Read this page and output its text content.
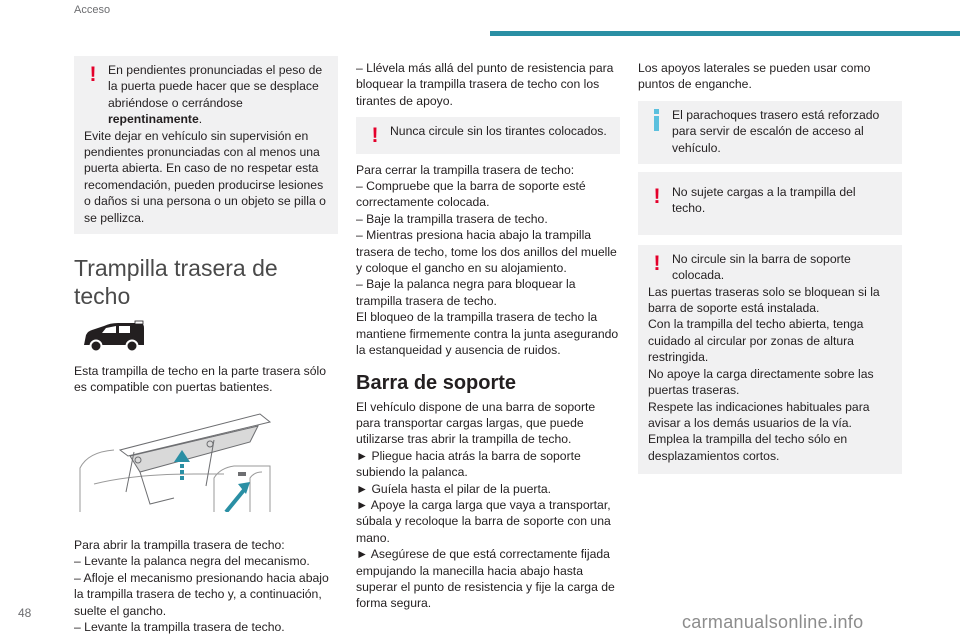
Acceso
! En pendientes pronunciadas el peso de la puerta puede hacer que se desplace abriéndose o cerrándose repentinamente.
Evite dejar en vehículo sin supervisión en pendientes pronunciadas con al menos una puerta abierta. En caso de no respetar esta recomendación, pueden producirse lesiones o daños si una persona o un objeto se pilla o se pellizca.
Trampilla trasera de techo

Esta trampilla de techo en la parte trasera sólo es compatible con puertas batientes.

Para abrir la trampilla trasera de techo:

– Levante la palanca negra del mecanismo.

– Afloje el mecanismo presionando hacia abajo la trampilla trasera de techo y, a continuación, suelte el gancho.

– Levante la trampilla trasera de techo.

– Llévela más allá del punto de resistencia para bloquear la trampilla trasera de techo con los tirantes de apoyo.

! Nunca circule sin los tirantes colocados.

Para cerrar la trampilla trasera de techo:

– Compruebe que la barra de soporte esté correctamente colocada.

– Baje la trampilla trasera de techo.

– Mientras presiona hacia abajo la trampilla trasera de techo, tome los dos anillos del muelle y coloque el gancho en su alojamiento.

– Baje la palanca negra para bloquear la trampilla trasera de techo.

El bloqueo de la trampilla trasera de techo la mantiene firmemente contra la junta asegurando la estanqueidad y ausencia de ruidos.

Barra de soporte

El vehículo dispone de una barra de soporte para transportar cargas largas, que puede utilizarse tras abrir la trampilla de techo.

► Pliegue hacia atrás la barra de soporte subiendo la palanca.

► Guíela hasta el pilar de la puerta.

► Apoye la carga larga que vaya a transportar, súbala y recoloque la barra de soporte con una mano.

► Asegúrese de que está correctamente fijada empujando la manecilla hacia abajo hasta superar el punto de resistencia y fije la carga de forma segura.

Los apoyos laterales se pueden usar como puntos de enganche.

El parachoques trasero está reforzado para servir de escalón de acceso al vehículo.
! No sujete cargas a la trampilla del techo.
! No circule sin la barra de soporte colocada.
Las puertas traseras solo se bloquean si la barra de soporte está instalada.
Con la trampilla del techo abierta, tenga cuidado al circular por zonas de altura restringida.
No apoye la carga directamente sobre las puertas traseras.
Respete las indicaciones habituales para avisar a los demás usuarios de la vía.
Emplea la trampilla del techo sólo en desplazamientos cortos.
48	carmanualsonline.info
